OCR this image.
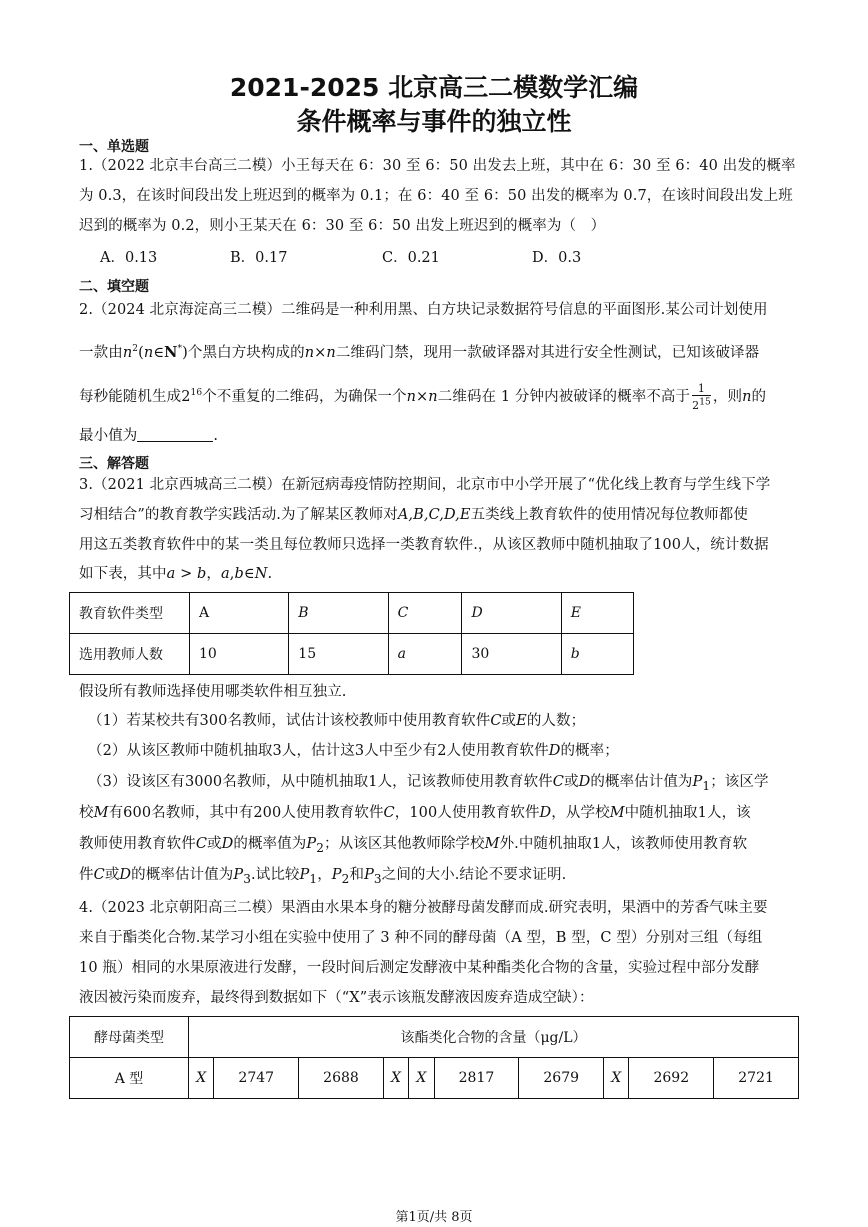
2021-2025 北京高三二模数学汇编
条件概率与事件的独立性
一、单选题
1.（2022 北京丰台高三二模）小王每天在 6：30 至 6：50 出发去上班，其中在 6：30 至 6：40 出发的概率
为 0.3，在该时间段出发上班迟到的概率为 0.1；在 6：40 至 6：50 出发的概率为 0.7，在该时间段出发上班
迟到的概率为 0.2，则小王某天在 6：30 至 6：50 出发上班迟到的概率为（　）
A．0.13	B．0.17	C．0.21	D．0.3
二、填空题
2.（2024 北京海淀高三二模）二维码是一种利用黑、白方块记录数据符号信息的平面图形.某公司计划使用
一款由$n^2(n\in N^*)$个黑白方块构成的n×n二维码门禁，现用一款破译器对其进行安全性测试，已知该破译器
每秒能随机生成$2^{16}$个不重复的二维码，为确保一个n×n二维码在 1 分钟内被破译的概率不高于 $\frac{1}{2^{15}}$ ，则n的
最小值为	.
三、解答题
3.（2021 北京西城高三二模）在新冠病毒疫情防控期间，北京市中小学开展了“优化线上教育与学生线下学
习相结合”的教育教学实践活动.为了解某区教师对A,B,C,D,E五类线上教育软件的使用情况每位教师都使
用这五类教育软件中的某一类且每位教师只选择一类教育软件.，从该区教师中随机抽取了100人，统计数据
如下表，其中a > b，a,b∈N.
教育软件类型	A	B	C	D	E
选用教师人数	10	15	a	30	b
假设所有教师选择使用哪类软件相互独立.
（1）若某校共有300名教师，试估计该校教师中使用教育软件C或E的人数；
（2）从该区教师中随机抽取3人，估计这3人中至少有2人使用教育软件D的概率；
（3）设该区有3000名教师，从中随机抽取1人，记该教师使用教育软件C或D的概率估计值为$P_1$；该区学
校M有600名教师，其中有200人使用教育软件C，100人使用教育软件D，从学校M中随机抽取1人，该
教师使用教育软件C或D的概率值为$P_2$；从该区其他教师除学校M外.中随机抽取1人，该教师使用教育软
件C或D的概率估计值为$P_3$.试比较$P_1$，$P_2$和$P_3$之间的大小.结论不要求证明.
4.（2023 北京朝阳高三二模）果酒由水果本身的糖分被酵母菌发酵而成.研究表明，果酒中的芳香气味主要
来自于酯类化合物.某学习小组在实验中使用了 3 种不同的酵母菌（A 型，B 型，C 型）分别对三组（每组
10 瓶）相同的水果原液进行发酵，一段时间后测定发酵液中某种酯类化合物的含量，实验过程中部分发酵
液因被污染而废弃，最终得到数据如下（“X”表示该瓶发酵液因废弃造成空缺）：
酵母菌类型	该酯类化合物的含量（μg/L）									
A 型	X	2747	2688	X	X	2817	2679	X	2692	2721
第1页/共 8页
